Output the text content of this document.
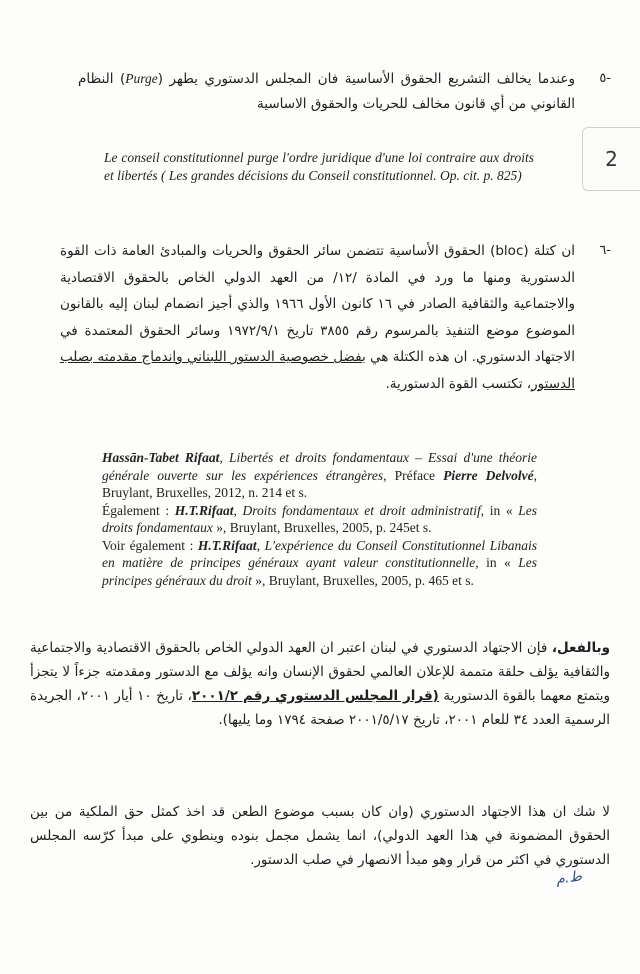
2
-٥
وعندما يخالف التشريع الحقوق الأساسية فان المجلس الدستوري يطهر (Purge) النظام القانوني من أي قانون مخالف للحريات والحقوق الاساسية
Le conseil constitutionnel purge l'ordre juridique d'une loi contraire aux droits et libertés ( Les grandes décisions du Conseil constitutionnel. Op. cit. p. 825)
-٦
ان كتلة (bloc) الحقوق الأساسية تتضمن سائر الحقوق والحريات والمبادئ العامة ذات القوة الدستورية ومنها ما ورد في المادة /١٢/ من العهد الدولي الخاص بالحقوق الاقتصادية والاجتماعية والثقافية الصادر في ١٦ كانون الأول ١٩٦٦ والذي أجيز انضمام لبنان إليه بالقانون الموضوع موضع التنفيذ بالمرسوم رقم ٣٨٥٥ تاريخ ١٩٧٢/٩/١ وسائر الحقوق المعتمدة في الاجتهاد الدستوري. ان هذه الكتلة هي بفضل خصوصية الدستور اللبناني واندماج مقدمته بصلب الدستور، تكتسب القوة الدستورية.
Hassān-Tabet Rifaat, Libertés et droits fondamentaux – Essai d'une théorie générale ouverte sur les expériences étrangères, Préface Pierre Delvolvé, Bruylant, Bruxelles, 2012, n. 214 et s.
Également : H.T.Rifaat, Droits fondamentaux et droit administratif, in « Les droits fondamentaux », Bruylant, Bruxelles, 2005, p. 245et s.
Voir également : H.T.Rifaat, L'expérience du Conseil Constitutionnel Libanais en matière de principes généraux ayant valeur constitutionnelle, in « Les principes généraux du droit », Bruylant, Bruxelles, 2005, p. 465 et s.
وبالفعل، فإن الاجتهاد الدستوري في لبنان اعتبر ان العهد الدولي الخاص بالحقوق الاقتصادية والاجتماعية والثقافية يؤلف حلقة متممة للإعلان العالمي لحقوق الإنسان وانه يؤلف مع الدستور ومقدمته جزءاً لا يتجزأ ويتمتع معهما بالقوة الدستورية (قرار المجلس الدستوري رقم ٢٠٠١/٢، تاريخ ١٠ أيار ٢٠٠١، الجريدة الرسمية العدد ٣٤ للعام ٢٠٠١، تاريخ ٢٠٠١/٥/١٧ صفحة ١٧٩٤ وما يليها).
لا شك ان هذا الاجتهاد الدستوري (وان كان بسبب موضوع الطعن قد اخذ كمثل حق الملكية من بين الحقوق المضمونة في هذا العهد الدولي)، انما يشمل مجمل بنوده وينطوي على مبدأ كرّسه المجلس الدستوري في اكثر من قرار وهو مبدأ الانصهار في صلب الدستور.
ط.م
